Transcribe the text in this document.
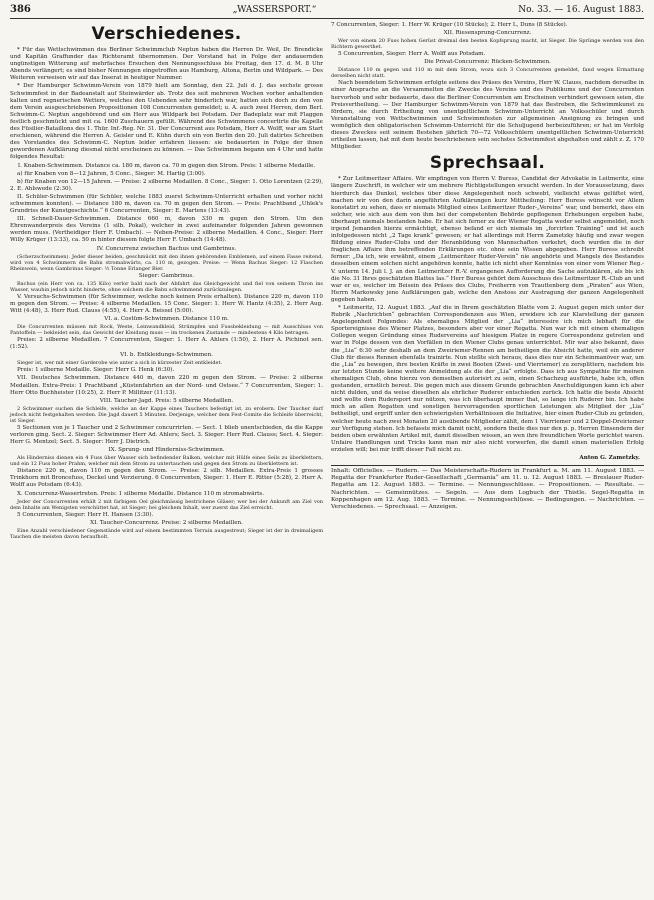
386	„WASSERSPORT.“	No. 33. — 16. August 1883.
Verschiedenes.

* Für das Wettschwimmen des Berliner Schwimmclub Neptun haben die Herren Dr. Weil, Dr. Brendicke und Kapitän Graffunder das Richteramt übernommen. Der Vorstand hat in Folge der andauernden ungünstigen Witterung auf mehrfaches Ersuchen den Nennungsschluss bis Freitag, den 17. d. M. 8 Uhr Abends verlängert; es sind bisher Nennungen eingetroffen aus Hamburg, Altona, Berlin und Wildpark. — Des Weiteren verweisen wir auf das Inserat in heutiger Nummer.

* Der Hamburger Schwimm-Verein von 1879 hielt am Sonntag, den 22. Juli d. J. das sechste grosse Schwimmfest in der Badeanstalt auf Steinwärder ab. Trotz des seit mehreren Wochen vorher anhaltenden kalten und regnerischen Wetters, welches den Uebenden sehr hinderlich war, hatten sich doch zu den von dem Verein ausgeschriebenen Propositionen 108 Concurrenten gemeldet; u. A. auch zwei Herren, dem Berl. Schwimm-C. Neptun angehörend und ein Herr aus Wildpark bei Potsdam. Der Badeplatz war mit Flaggen festlich geschmückt und mit ca. 1600 Zuschauern gefüllt. Während des Schwimmens concertirte die Kapelle des Füsilier-Bataillons des 1. Thür. Inf.-Reg. Nr. 31. Der Concurrent aus Potsdam, Herr A. Wolff, war am Start erschienen, während die Herren A. Geisler und E. Kühn durch ein von Berlin den 20. Juli datirtes Schreiben des Vorstandes des Schwimm-C. Neptun leider erfahren liessen: sie bedauerten in Folge der ihnen gewordenen Aufklärung diesmal nicht erscheinen zu können. — Das Schwimmen begann um 4 Uhr und hatte folgendes Resultat:

I. Knaben-Schwimmen. Distance ca. 180 m, davon ca. 70 m gegen den Strom. Preis: 1 silberne Medaille.

a) für Knaben von 8—12 Jahren, 5 Conc., Sieger: M. Hartig (3:00).

b) für Knaben von 12—15 Jahren. — Preise: 2 silberne Medaillen. 8 Conc., Sieger: 1. Otto Lorentzen (2:29), 2. E. Ahlswede (2:30).

II. Schüler-Schwimmen (für Schüler, welche 1883 zuerst Schwimm-Unterricht erhalten und vorher nicht schwimmen konnten). — Distance 180 m, davon ca. 70 m gegen den Strom. — Preis: Prachtband „Uhlek's Grundriss der Kunstgeschichte.“ 6 Concurrenten, Sieger: E. Martens (13:43).

III. Schnell-Dauer-Schwimmen. Distance 660 m, davon 330 m gegen den Strom. Um den Ehrenwanderpreis des Vereins (1 silb. Pokal), welcher in zwei aufeinander folgenden Jahren gewonnen werden muss. (Vertheidiger Herr F. Umbach). — Neben-Preise: 2 silberne Medaillen. 4 Conc., Sieger: Herr Willy Krüger (13:33), ca. 50 m hinter diesem folgte Herr F. Umbach (14:48).

IV. Concurrenz zwischen Bachus und Gambrinus.

(Scherzschwimmen). Jeder dieser beiden, geschmückt mit den ihnen gehörenden Emblemen, auf einem Fasse reitend, wird von 4 Schwimmern die Bahn stromabwärts, ca. 110 m, gezogen. Preise: — Wenn Bachus Sieger: 12 Flaschen Rheinwein, wenn Gambrinus Sieger: ½ Tonne Erlanger Bier.

Sieger: Gambrinus.

Bachus (ein Herr von ca. 135 Kilo) verlor bald nach der Abfahrt das Gleichgewicht und fiel von seinem Thron ins Wasser, wauhin jedoch nicht hinderte, ohne solchem die Bahn schwimmend zurückzulegen.

V. Versuchs-Schwimmen (für Schwimmer, welche noch keinen Preis erhalten). Distance 220 m, davon 110 m gegen den Strom. — Preise: 4 silberne Medaillen. 15 Conc. Sieger: 1. Herr W. Hantz (4:35), 2. Herr Aug. Witt (4:48), 3. Herr Rud. Clauss (4:55), 4. Herr A. Beissel (5:00).

VI. a. Costüm-Schwimmen. Distance 110 m.

Die Concurrenten müssen mit Rock, Weste, Leinwandkleid, Strümpfen und Fussbekleidung — mit Ausschluss von Pantoffeln — bekleidet sein, das Gewicht der Kleidung muss — im trockenen Zustande — mindestens 4 Kilo betragen.

Preise: 2 silberne Medaillen. 7 Concurrenten, Sieger: 1. Herr A. Ahlers (1:50), 2. Herr A. Pichinot sen. (1:52).

VI. b. Entkleidungs-Schwimmen.

Sieger ist, wer mit einer Garderobe wie unter a sich in kürzester Zeit entkleidet.

Preis: 1 silberne Medaille. Sieger: Herr G. Henk (6:30).

VII. Deutsches Schwimmen. Distance 440 m, davon 220 m gegen den Strom. — Preise: 2 silberne Medaillen. Extra-Preis: 1 Prachtband „Küstenfahrten an der Nord- und Ostsee.“ 7 Concurrenten, Sieger: 1. Herr Otto Buchheister (10:25), 2. Herr P. Millitzer (11:13).

VIII. Taucher-Jagd. Preis: 5 silberne Medaillen.

2 Schwimmer suchen die Schleife, welche an der Kappe eines Tauchers befestigt ist, zu erobern. Der Taucher darf jedoch nicht festgehalten werden. Die Jagd dauert 5 Minuten. Derjenige, welcher dem Fest-Comite die Schleife überreicht, ist Sieger.

5 Sectionen von je 1 Taucher und 2 Schwimmer concurrirten. — Sect. 1 blieb unentschieden, da die Kappe verloren ging. Sect. 2. Sieger: Schwimmer Herr Ad. Ahlers; Sect. 3. Sieger: Herr Rud. Clauss; Sect. 4. Sieger: Herr G. Mentzel; Sect. 5. Sieger: Herr J. Dietrich.

IX. Sprung- und Hinderniss-Schwimmen.

Als Hinderniss dienen ein 4 Fuss über Wasser sich befindender Balken, welcher mit Hülfe eines Seils zu überklettern, und ein 12 Fuss hoher Prahm, welcher mit dem Strom zu untertauchen und gegen den Strom zu überklettern ist.

Distance 220 m, davon 110 m gegen den Strom. — Preise: 2 silb. Medaillen. Extra-Preis 1 grosses Trinkhorn mit Broncefuss, Deckel und Verzierung. 6 Concurrenten, Sieger: 1. Herr E. Ritter (5:28), 2. Herr A. Wolff aus Potsdam (6:43).

X. Concurrenz-Wassertreten. Preis: 1 silberne Medaille. Distance 110 m stromabwärts.

Jeder der Concurrenten erhält 2 mit farbigem Oel gleichmässig bestrichene Gläser; wer bei der Ankunft am Ziel von dem Inhalte am Wenigsten verschüttet hat, ist Sieger; bei gleichem Inhalt, wer zuerst das Ziel erreicht.

5 Concurrenten, Sieger: Herr H. Hansen (3:30).

XI. Taucher-Concurrenz. Preise: 2 silberne Medaillen.

Eine Anzahl verschiedener Gegenstände wird auf einem bestimmten Terrain ausgestreut; Sieger ist der in dreimaligem Tauchen die meisten davon heraufholt.

7 Concurrenten, Sieger: 1. Herr W. Krüger (10 Stücke); 2. Herr L, Duns (8 Stücke).

XII. Riesensprung-Concurrenz.

Wer von einem 20 Fuss hohen Gerüst dreimal den besten Kopfsprung macht, ist Sieger. Die Sprünge werden von den Richtern gewerthet.

5 Concurrenten, Sieger: Herr A. Wolff aus Potsdam.

Die Privat-Concurrenz: Rücken-Schwimmen.

Distance 110 m gegen und 110 m mit dem Strom, wozu sich 3 Concurrenten gemeldet, fand wegen Ermattung derselben nicht statt.

Nach beendetem Schwimmen erfolgte seitens des Präses des Vereins, Herr W. Clauss, nachdem derselbe in einer Ansprache an die Versammelten die Zwecke des Vereins und des Publikums und der Concurrenten hervorhob und sehr bedauerte, dass die Berliner Concurrenten am Erscheinen verhindert gewesen seien, die Preisvertheilung. — Der Hamburger Schwimm-Verein von 1879 hat das Bestreben, die Schwimmkunst zu fördern, sie durch Ertheilung von unentgeltlichem Schwimm-Unterricht an Volksschüler und durch Veranstaltung von Wettschwimmen und Schwimmfesten zur allgemeinen Aneignung zu bringen und womöglich den obligatorischen Schwimm-Unterricht für die Schuljugend herbeizuführen; er hat im Verfolg dieses Zweckes seit seinem Bestehen jährlich 70—72 Volksschülern unentgeltlichen Schwimm-Unterricht ertheilen lassen, hat mit dem heute beschriebenen sein sechstes Schwimmfest abgehalten und zählt z. Z. 170 Mitglieder.

Sprechsaal.

* Zur Leitmeritzer Affaire. Wir empfingen von Herrn V. Buress, Candidat der Advokatie in Leitmeritz, eine längere Zuschrift, in welcher wir um mehrere Richtigstellungen ersucht werden. In der Voraussetzung, dass hierdurch das Dunkel, welches über diese Angelegenheit noch schwebt, vielleicht etwas gelüftet wird, machen wir von den darin angeführten Aufklärungen kurz Mittheilung: Herr Buress wünscht vor Allem konstatirt zu sehen, dass er niemals Mitglied eines Leitmeritzer Ruder-„Vereins“ war, und bemerkt, dass ein solcher, wie sich aus dem von ihm bei der competenten Behörde gepflogenen Erhebungen ergeben habe, überhaupt niemals bestanden habe. Er hat sich ferner zu der Wiener Regatta weder selbst angemeldet, noch irgend Jemanden hierzu ermächtigt, ebenso befand er sich niemals im „forcirten Training“ und ist auch infolgedessen nicht „2 Tage krank“ gewesen; er hat allerdings mit Herrn Zametzky häufig und zwar wegen Bildung eines Ruder-Clubs und der Heranbildung von Mannschaften verkehrt, doch wurden die in der fraglichen Affaire ihm betreffenden Erklärungen etc. ohne sein Wissen abgegeben. Herr Buress schreibt ferner: „Da ich, wie erwähnt, einem „Leitmeritzer Ruder-Verein“ nie angehörte und Mangels des Bestandes desselben einem solchen nicht angehören konnte, hatte ich nicht eher Kenntniss von einer vom Wiener Reg.-V. unterm 14. Juli l. J. an den Leitmeritzer R.-V. ergangenen Aufforderung die Sache aufzuklären, als bis ich die No. 31 Ihres geschätzten Blattes las.“ Herr Buress gehört dem Ausschuss des Leitmeritzer R.-Club an und war er es, welcher im Beisein des Präses des Clubs, Freiherrn von Trauttenberg dem „Piraten“ aus Wien, Herrn Markowsky jene Aufklärungen gab, welche den Anstoss zur Austragung der ganzen Angelegenheit gegeben haben.

* Leitmeritz, 12. August 1883. „Auf die in Ihrem geschätzten Blatte vom 2. August gegen mich unter der Rubrik „Nachrichten“ gebrachten Correspondenzen aus Wien, erwidere ich zur Klarstellung der ganzen Angelegenheit Folgendes: Als ehemaliges Mitglied der „Lia“ interessire ich mich lebhaft für die Sportereignisse des Wiener Platzes, besonders aber vor einer Regatta. Nun war ich mit einem ehemaligen Collegen wegen Gründung eines Rudervereins auf hiesigem Platze in regere Correspondenz getreten und war in Folge dessen von den Vorfällen in den Wiener Clubs genau unterrichtet. Mir war also bekannt, dass die „Lia“ 6:30 sehr deshalb an dem Zweiriemer-Rennen am betheiligen die Absicht hatte, weil ein anderer Club für dieses Rennen ebenfalls trainirte. Nun stellte sich heraus, dass dies nur ein Scheinmanöver war, um die „Lia“ zu bewegen, ihre besten Kräfte in zwei Booten (Zwei- und Vierriemer) zu zersplittern, nachdem bis zur letzten Stunde keine weitere Anmeldung als die der „Lia“ erfolgte. Dass ich aus Sympathie für meinen ehemaligen Club, ohne hierzu von demselben autorisirt zu sein, einen Schachzug ausführte, habe ich, offen gestanden, ernstlich bereut. Die gegen mich aus diesem Grunde gebrachten Anschuldigungen kann ich aber nicht dulden, und da weise dieselben als ehrlicher Ruderer entschieden zurück. Ich hatte die beste Absicht und wollte dem Rudersport nur nützen, was ich überhaupt immer that, so lange ich Ruderer bin. Ich habe mich an allen Regatten und sonstigen hervorragenden sportlichen Leistungen als Mitglied der „Lia“ betheiligt, und ergriff unter den schwierigsten Verhältnissen die Initiative, hier einen Ruder-Club zu gründen, welcher heute nach zwei Monaten 20 ausübende Mitglieder zählt, dem 1 Vierriemer und 2 Doppel-Dreiriemer zur Verfügung stehen. Ich befasste mich damit nicht, sondern theile dies nur den p. p. Herren Einsendern der beiden oben erwähnten Artikel mit, damit dieselben wissen, an wen ihre freundlichen Worte gerichtet waren. Unfaire Handlungen und Tricks kann man mir also nicht vorwerfen, die damit einen materiellen Erfolg erzielen will; bei mir trifft dieser Fall nicht zu.

Anton G. Zametzky.
Inhalt: Officielles. — Rudern. — Das Meisterschafts-Rudern in Frankfurt a. M. am 11. August 1883. — Regatta der Frankfurter Ruder-Gesellschaft „Germania“ am 11. u. 12. August 1883. — Breslauer Ruder-Regatta am 12. August 1883. — Termine. — Nennungsschlüsse. — Propositionen. — Resultate. — Nachrichten. — Gemeinnützes. — Segeln. — Aus dem Logbuch der Thistle. Segel-Regatta in Koppenhagen am 12. Aug. 1883. — Termine. — Nennungsschlüsse. — Bedingungen. — Nachrichten. — Verschiedenes. — Sprechsaal. — Anzeigen.
